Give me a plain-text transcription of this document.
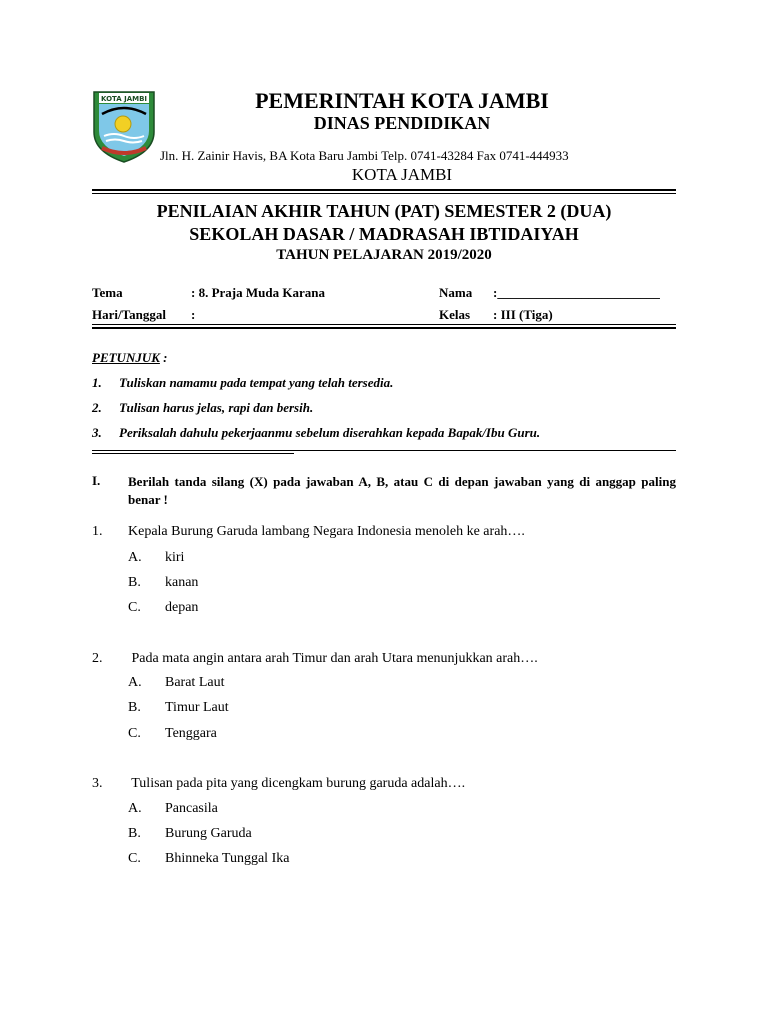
KOTA JAMBI	PEMERINTAH KOTA JAMBI
DINAS PENDIDIKAN
Jln. H. Zainir Havis, BA Kota Baru Jambi Telp. 0741-43284 Fax 0741-444933
KOTA JAMBI
PENILAIAN AKHIR TAHUN (PAT) SEMESTER 2 (DUA)
SEKOLAH DASAR / MADRASAH IBTIDAIYAH
TAHUN PELAJARAN 2019/2020
Tema	: 8. Praja Muda Karana	Nama :_________________________
Hari/Tanggal :	Kelas : III (Tiga)
PETUNJUK :
1. Tuliskan namamu pada tempat yang telah tersedia.
2. Tulisan harus jelas, rapi dan bersih.
3. Periksalah dahulu pekerjaanmu sebelum diserahkan kepada Bapak/Ibu Guru.
I. Berilah tanda silang (X) pada jawaban A, B, atau C di depan jawaban yang di anggap paling benar !
1. Kepala Burung Garuda lambang Negara Indonesia menoleh ke arah….
A. kiri
B. kanan
C. depan
2. Pada mata angin antara arah Timur dan arah Utara menunjukkan arah….
A. Barat Laut
B. Timur Laut
C. Tenggara
3. Tulisan pada pita yang dicengkam burung garuda adalah….
A. Pancasila
B. Burung Garuda
C. Bhinneka Tunggal Ika
